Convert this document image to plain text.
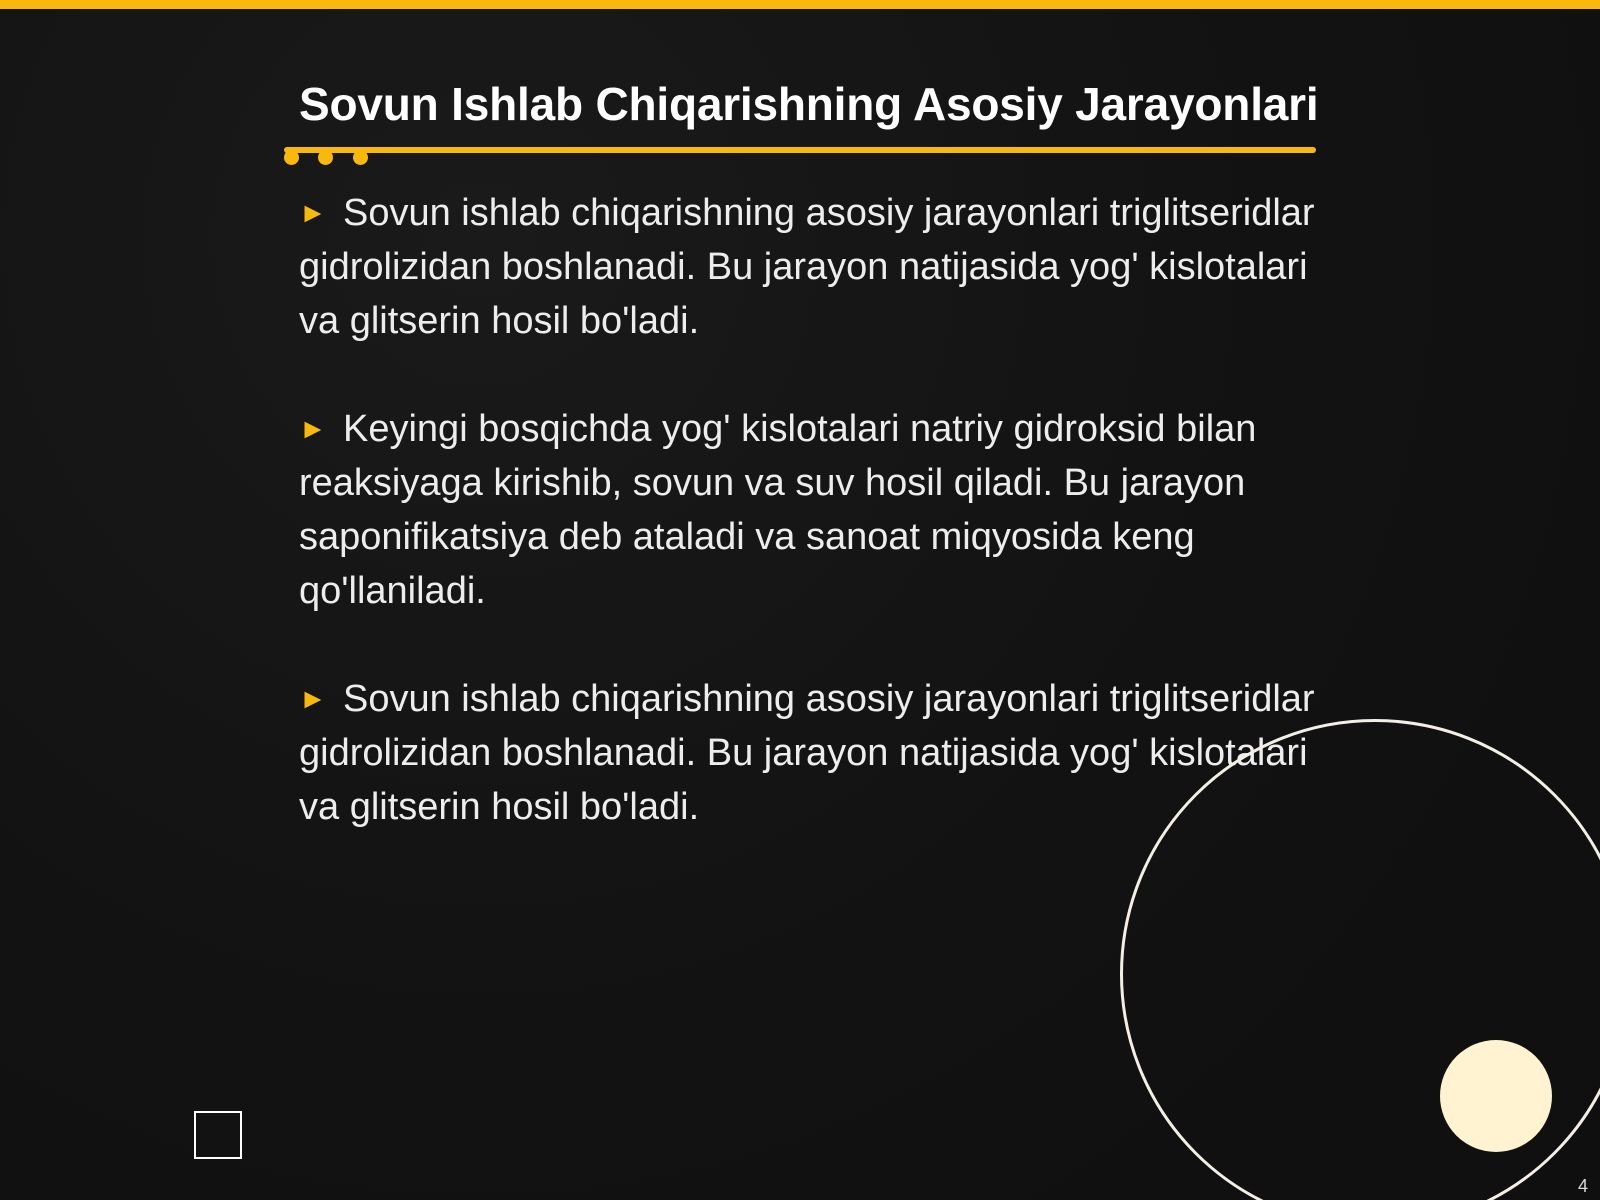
Sovun Ishlab Chiqarishning Asosiy Jarayonlari
► Sovun ishlab chiqarishning asosiy jarayonlari triglitseridlar gidrolizidan boshlanadi. Bu jarayon natijasida yog' kislotalari va glitserin hosil bo'ladi.
► Keyingi bosqichda yog' kislotalari natriy gidroksid bilan reaksiyaga kirishib, sovun va suv hosil qiladi. Bu jarayon saponifikatsiya deb ataladi va sanoat miqyosida keng qo'llaniladi.
► Sovun ishlab chiqarishning asosiy jarayonlari triglitseridlar gidrolizidan boshlanadi. Bu jarayon natijasida yog' kislotalari va glitserin hosil bo'ladi.
4
